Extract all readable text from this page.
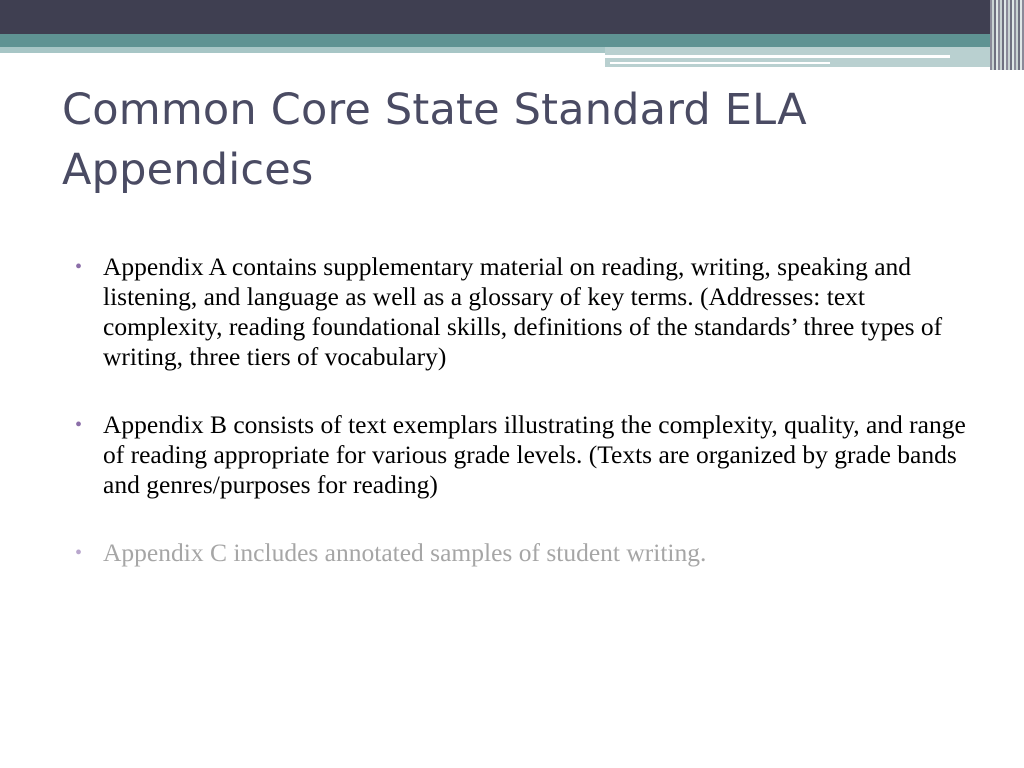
Common Core State Standard ELA Appendices
• Appendix A contains supplementary material on reading, writing, speaking and listening, and language as well as a glossary of key terms. (Addresses: text complexity, reading foundational skills, definitions of the standards’ three types of writing, three tiers of vocabulary)
• Appendix B consists of text exemplars illustrating the complexity, quality, and range of reading appropriate for various grade levels. (Texts are organized by grade bands and genres/purposes for reading)
• Appendix C includes annotated samples of student writing.
